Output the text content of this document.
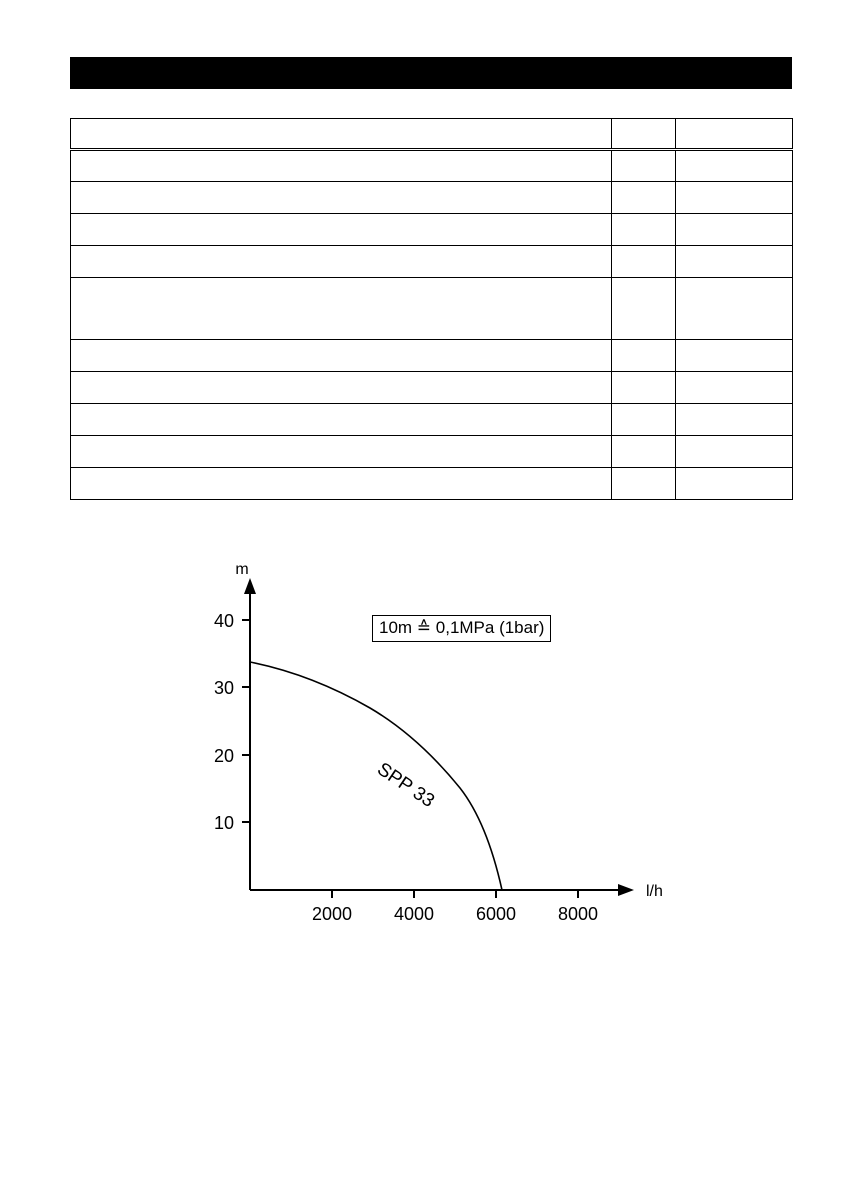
40
30
20
10
2000 4000 6000 8000
m
l/h
SPP 33
10m ≙ 0,1MPa (1bar)
